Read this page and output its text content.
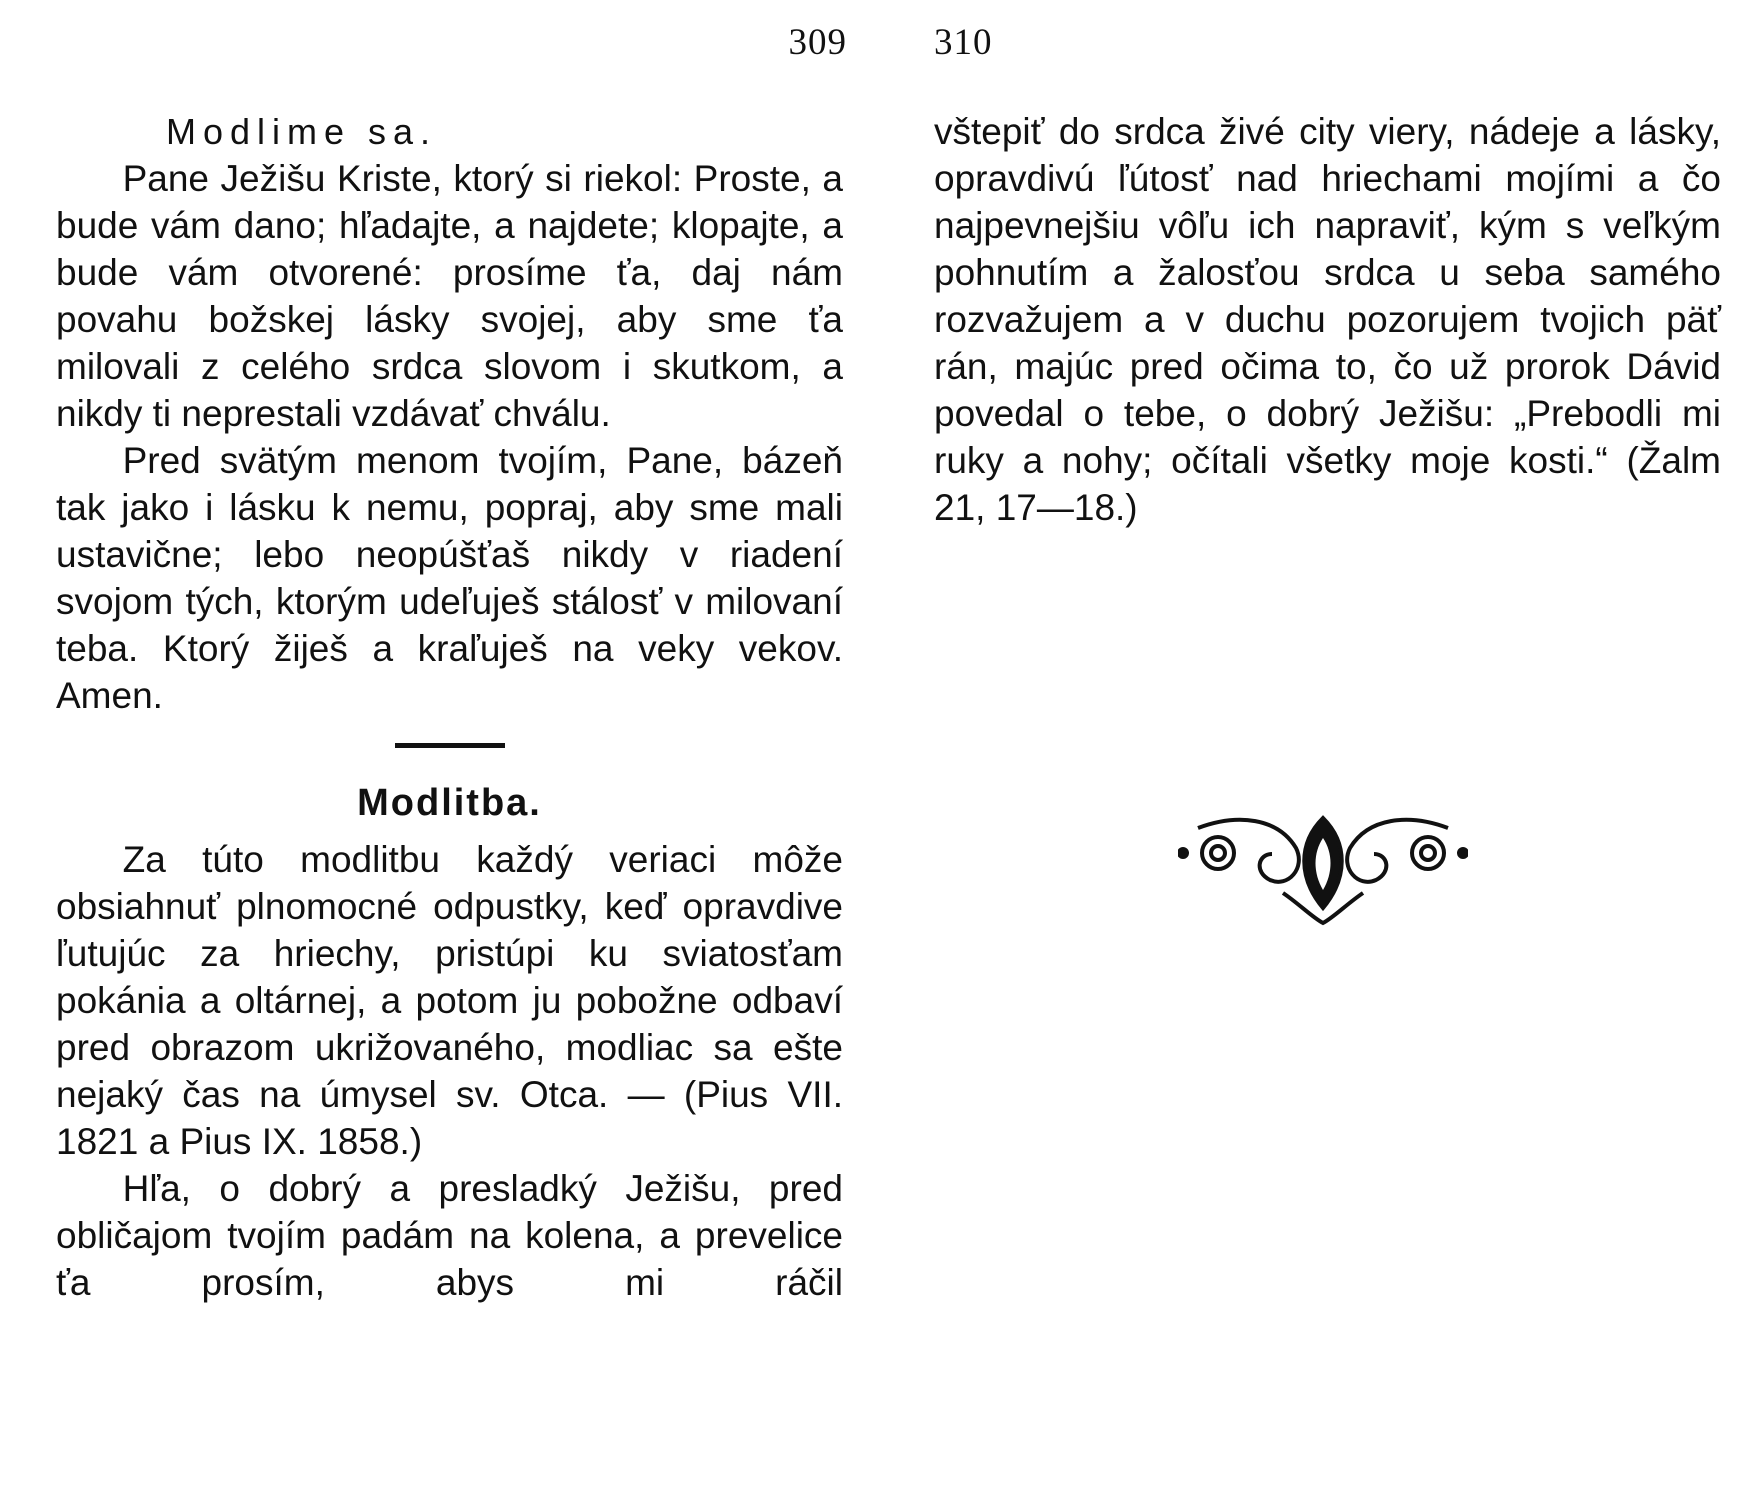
309

Modlime sa.

Pane Ježišu Kriste, ktorý si riekol: Proste, a bude vám dano; hľadajte, a najdete; klopajte, a bude vám otvorené: prosíme ťa, daj nám povahu božskej lásky svojej, aby sme ťa milovali z celého srdca slovom i skutkom, a nikdy ti neprestali vzdávať chválu.

Pred svätým menom tvojím, Pane, bázeň tak jako i lásku k nemu, popraj, aby sme mali ustavične; lebo neopúšťaš nikdy v riadení svojom tých, ktorým udeľuješ stálosť v milovaní teba. Ktorý žiješ a kraľuješ na veky vekov. Amen.

Modlitba.

Za túto modlitbu každý veriaci môže obsiahnuť plnomocné odpustky, keď opravdive ľutujúc za hriechy, pristúpi ku sviatosťam pokánia a oltárnej, a potom ju pobožne odbaví pred obrazom ukrižovaného, modliac sa ešte nejaký čas na úmysel sv. Otca. — (Pius VII. 1821 a Pius IX. 1858.)

Hľa, o dobrý a presladký Ježišu, pred obličajom tvojím padám na kolena, a prevelice ťa prosím, abys mi ráčil

310

vštepiť do srdca živé city viery, nádeje a lásky, opravdivú ľútosť nad hriechami mojími a čo najpevnejšiu vôľu ich napraviť, kým s veľkým pohnutím a žalosťou srdca u seba samého rozvažujem a v duchu pozorujem tvojich päť rán, majúc pred očima to, čo už prorok Dávid povedal o tebe, o dobrý Ježišu: „Prebodli mi ruky a nohy; očítali všetky moje kosti.“ (Žalm 21, 17—18.)
